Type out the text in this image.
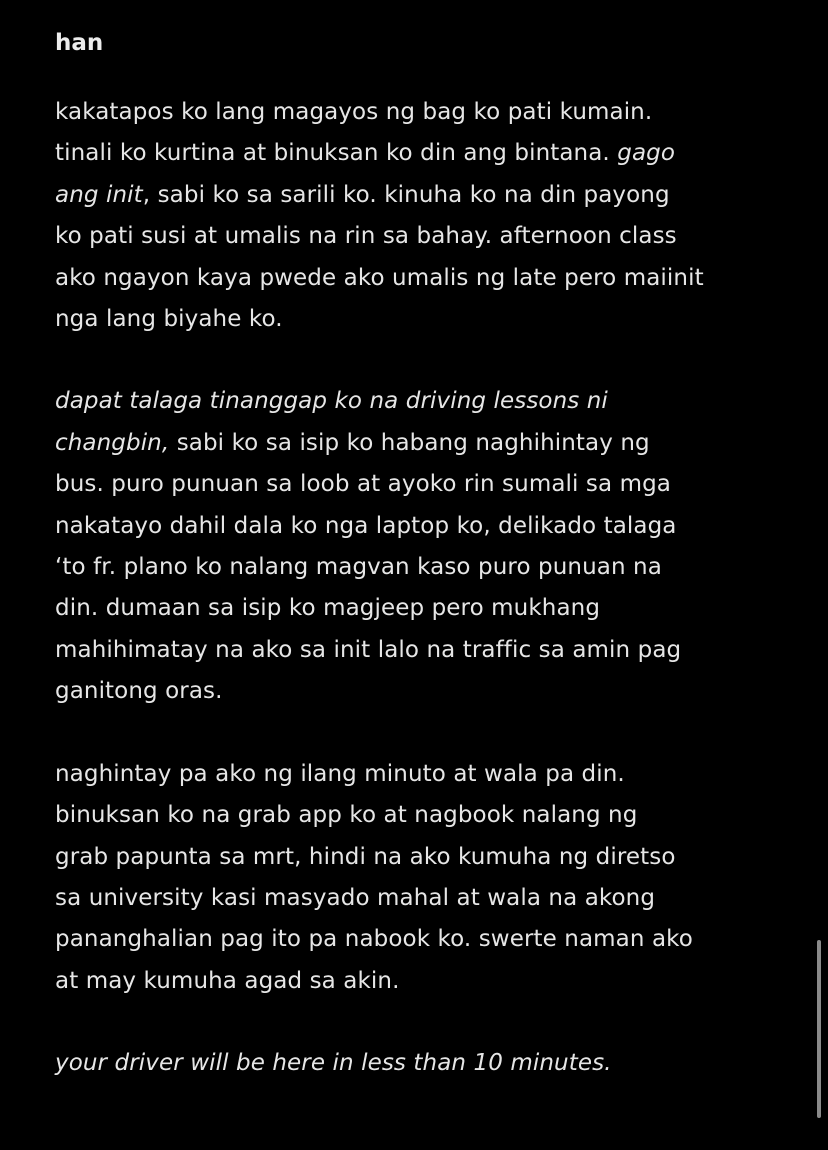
han
kakatapos ko lang magayos ng bag ko pati kumain.
tinali ko kurtina at binuksan ko din ang bintana. gago
ang init, sabi ko sa sarili ko. kinuha ko na din payong
ko pati susi at umalis na rin sa bahay. afternoon class
ako ngayon kaya pwede ako umalis ng late pero maiinit
nga lang biyahe ko.
dapat talaga tinanggap ko na driving lessons ni
changbin, sabi ko sa isip ko habang naghihintay ng
bus. puro punuan sa loob at ayoko rin sumali sa mga
nakatayo dahil dala ko nga laptop ko, delikado talaga
‘to fr. plano ko nalang magvan kaso puro punuan na
din. dumaan sa isip ko magjeep pero mukhang
mahihimatay na ako sa init lalo na traffic sa amin pag
ganitong oras.
naghintay pa ako ng ilang minuto at wala pa din.
binuksan ko na grab app ko at nagbook nalang ng
grab papunta sa mrt, hindi na ako kumuha ng diretso
sa university kasi masyado mahal at wala na akong
pananghalian pag ito pa nabook ko. swerte naman ako
at may kumuha agad sa akin.
your driver will be here in less than 10 minutes.
